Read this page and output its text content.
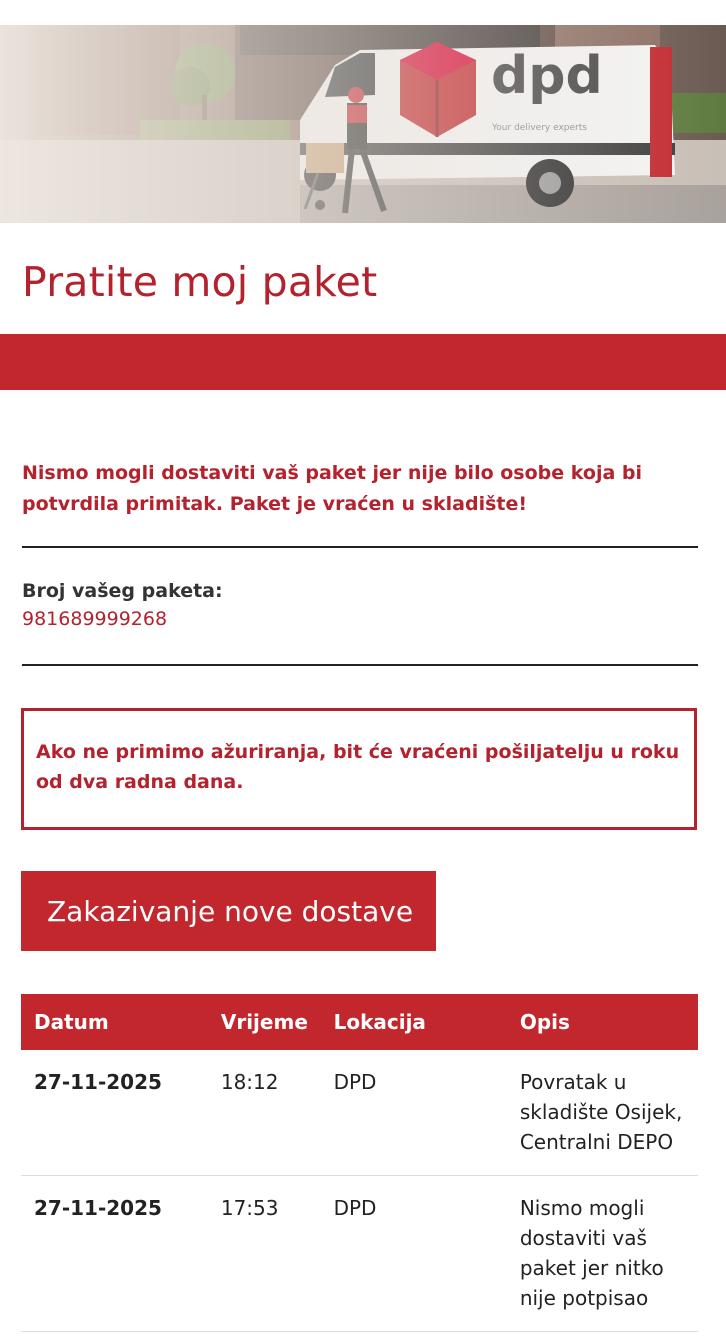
Pratite moj paket

Nismo mogli dostaviti vaš paket jer nije bilo osobe koja bi potvrdila primitak. Paket je vraćen u skladište!

Broj vašeg paketa:
981689999268

Ako ne primimo ažuriranja, bit će vraćeni pošiljatelju u roku od dva radna dana.

Zakazivanje nove dostave
Datum	Vrijeme	Lokacija	Opis
27-11-2025	18:12	DPD	Povratak u skladište Osijek, Centralni DEPO
27-11-2025	17:53	DPD	Nismo mogli dostaviti vaš paket jer nitko nije potpisao
